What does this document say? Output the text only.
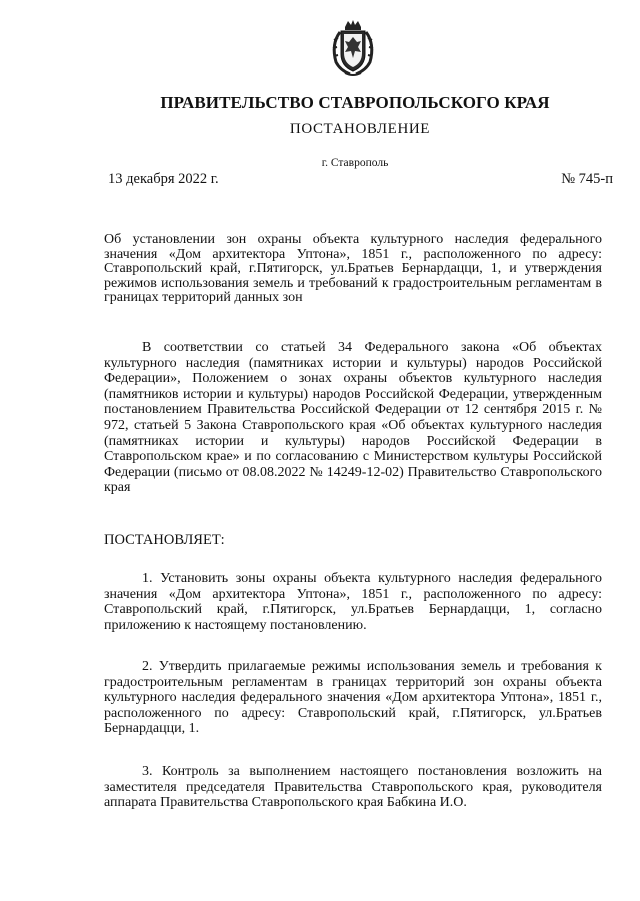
ПРАВИТЕЛЬСТВО СТАВРОПОЛЬСКОГО КРАЯ
ПОСТАНОВЛЕНИЕ
г. Ставрополь
13 декабря 2022 г.	№ 745-п
Об установлении зон охраны объекта культурного наследия федерального значения «Дом архитектора Уптона», 1851 г., расположенного по адресу: Ставропольский край, г.Пятигорск, ул.Братьев Бернардацци, 1, и утверждения режимов использования земель и требований к градостроительным регламентам в границах территорий данных зон
В соответствии со статьей 34 Федерального закона «Об объектах культурного наследия (памятниках истории и культуры) народов Российской Федерации», Положением о зонах охраны объектов культурного наследия (памятников истории и культуры) народов Российской Федерации, утвержденным постановлением Правительства Российской Федерации от 12 сентября 2015 г. № 972, статьей 5 Закона Ставропольского края «Об объектах культурного наследия (памятниках истории и культуры) народов Российской Федерации в Ставропольском крае» и по согласованию с Министерством культуры Российской Федерации (письмо от 08.08.2022 № 14249-12-02) Правительство Ставропольского края
ПОСТАНОВЛЯЕТ:
1. Установить зоны охраны объекта культурного наследия федерального значения «Дом архитектора Уптона», 1851 г., расположенного по адресу: Ставропольский край, г.Пятигорск, ул.Братьев Бернардацци, 1, согласно приложению к настоящему постановлению.
2. Утвердить прилагаемые режимы использования земель и требования к градостроительным регламентам в границах территорий зон охраны объекта культурного наследия федерального значения «Дом архитектора Уптона», 1851 г., расположенного по адресу: Ставропольский край, г.Пятигорск, ул.Братьев Бернардацци, 1.
3. Контроль за выполнением настоящего постановления возложить на заместителя председателя Правительства Ставропольского края, руководителя аппарата Правительства Ставропольского края Бабкина И.О.
